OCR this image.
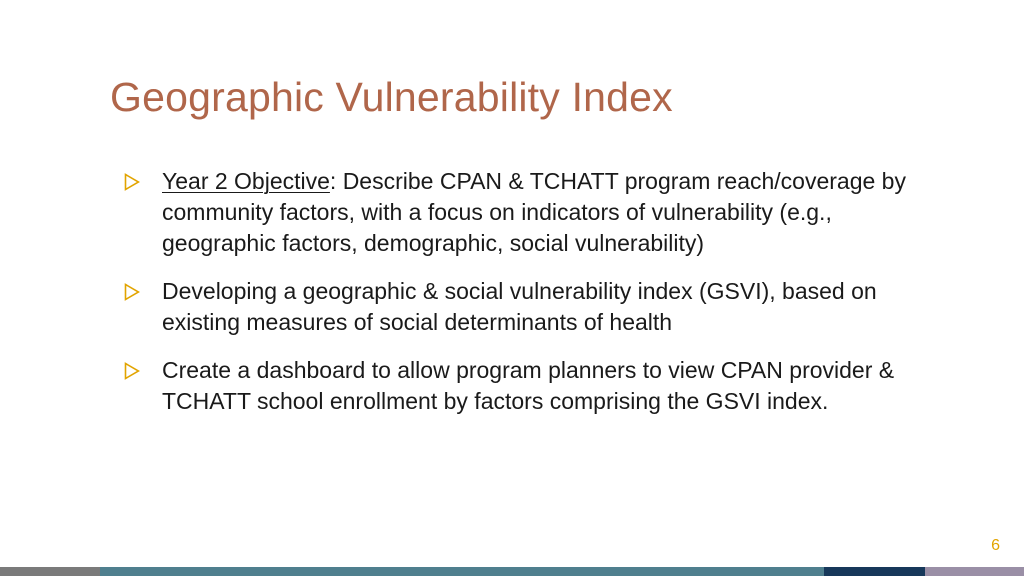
Geographic Vulnerability Index
Year 2 Objective: Describe CPAN & TCHATT program reach/coverage by community factors, with a focus on indicators of vulnerability (e.g., geographic factors, demographic, social vulnerability)
Developing a geographic & social vulnerability index (GSVI), based on existing measures of social determinants of health
Create a dashboard to allow program planners to view CPAN provider & TCHATT school enrollment by factors comprising the GSVI index.
6
